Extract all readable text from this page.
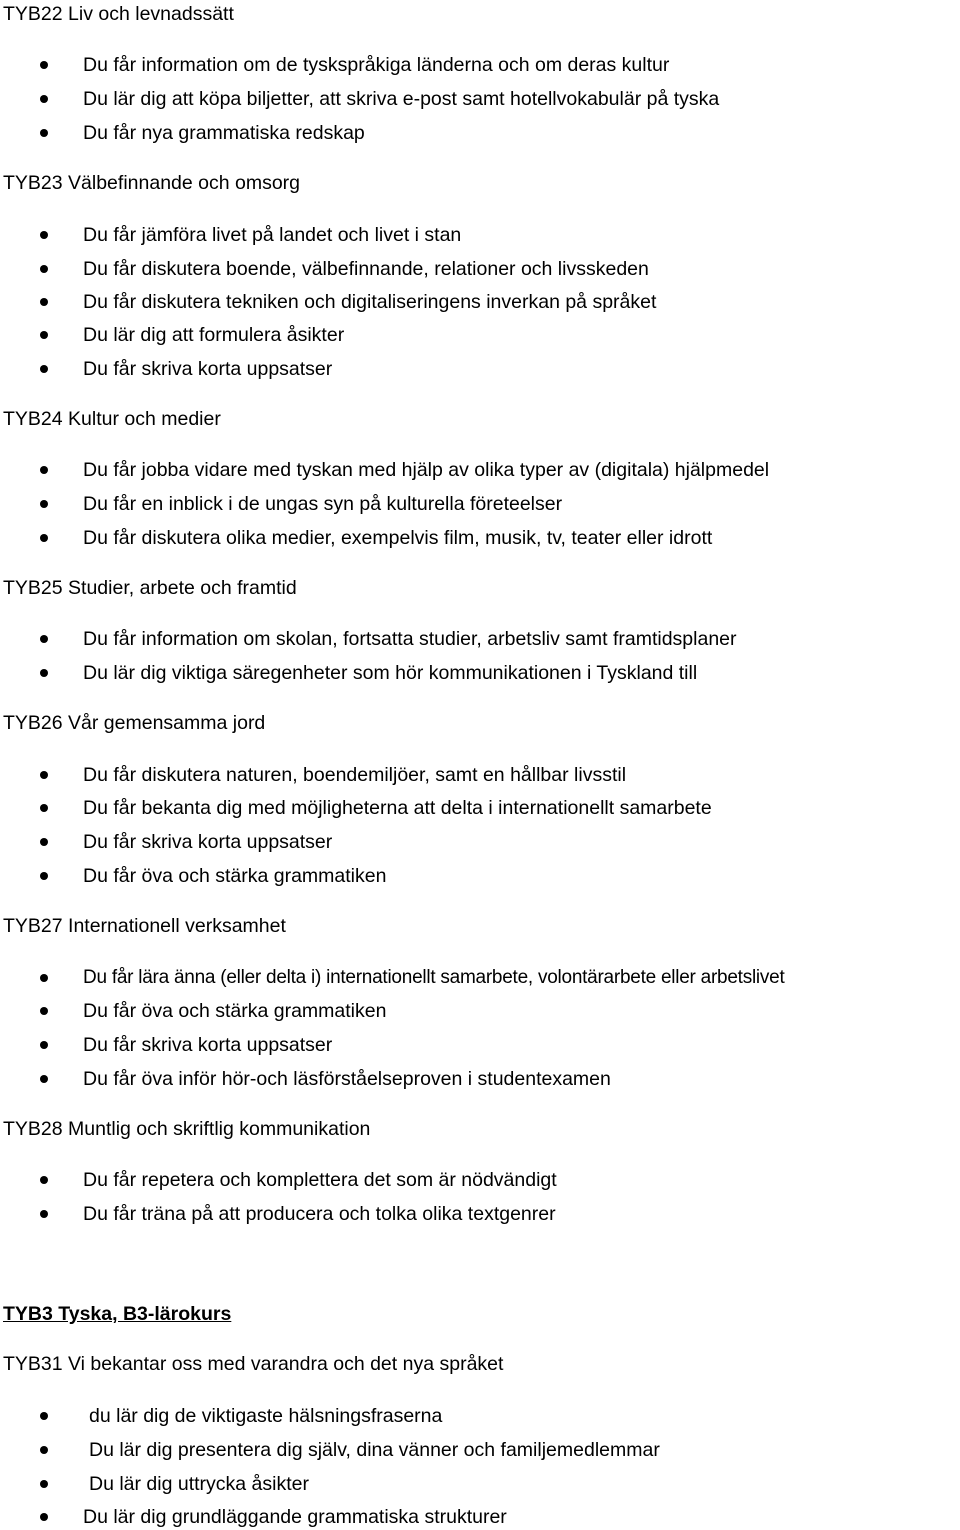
TYB22 Liv och levnadssätt
Du får information om de tyskspråkiga länderna och om deras kultur
Du lär dig att köpa biljetter, att skriva e-post samt hotellvokabulär på tyska
Du får nya grammatiska redskap
TYB23 Välbefinnande och omsorg
Du får jämföra livet på landet och livet i stan
Du får diskutera boende, välbefinnande, relationer och livsskeden
Du får diskutera tekniken och digitaliseringens inverkan på språket
Du lär dig att formulera åsikter
Du får skriva korta uppsatser
TYB24 Kultur och medier
Du får jobba vidare med tyskan med hjälp av olika typer av (digitala) hjälpmedel
Du får en inblick i de ungas syn på kulturella företeelser
Du får diskutera olika medier, exempelvis film, musik, tv, teater eller idrott
TYB25 Studier, arbete och framtid
Du får information om skolan, fortsatta studier, arbetsliv samt framtidsplaner
Du lär dig viktiga säregenheter som hör kommunikationen i Tyskland till
TYB26 Vår gemensamma jord
Du får diskutera naturen, boendemiljöer, samt en hållbar livsstil
Du får bekanta dig med möjligheterna att delta i internationellt samarbete
Du får skriva korta uppsatser
Du får öva och stärka grammatiken
TYB27 Internationell verksamhet
Du får lära änna (eller delta i) internationellt samarbete, volontärarbete eller arbetslivet
Du får öva och stärka grammatiken
Du får skriva korta uppsatser
Du får öva inför hör-och läsförståelseproven i studentexamen
TYB28 Muntlig och skriftlig kommunikation
Du får repetera och komplettera det som är nödvändigt
Du får träna på att producera och tolka olika textgenrer
TYB3 Tyska, B3-lärokurs
TYB31 Vi bekantar oss med varandra och det nya språket
du lär dig de viktigaste hälsningsfraserna
Du lär dig presentera dig själv, dina vänner och familjemedlemmar
Du lär dig uttrycka åsikter
Du lär dig grundläggande grammatiska strukturer
